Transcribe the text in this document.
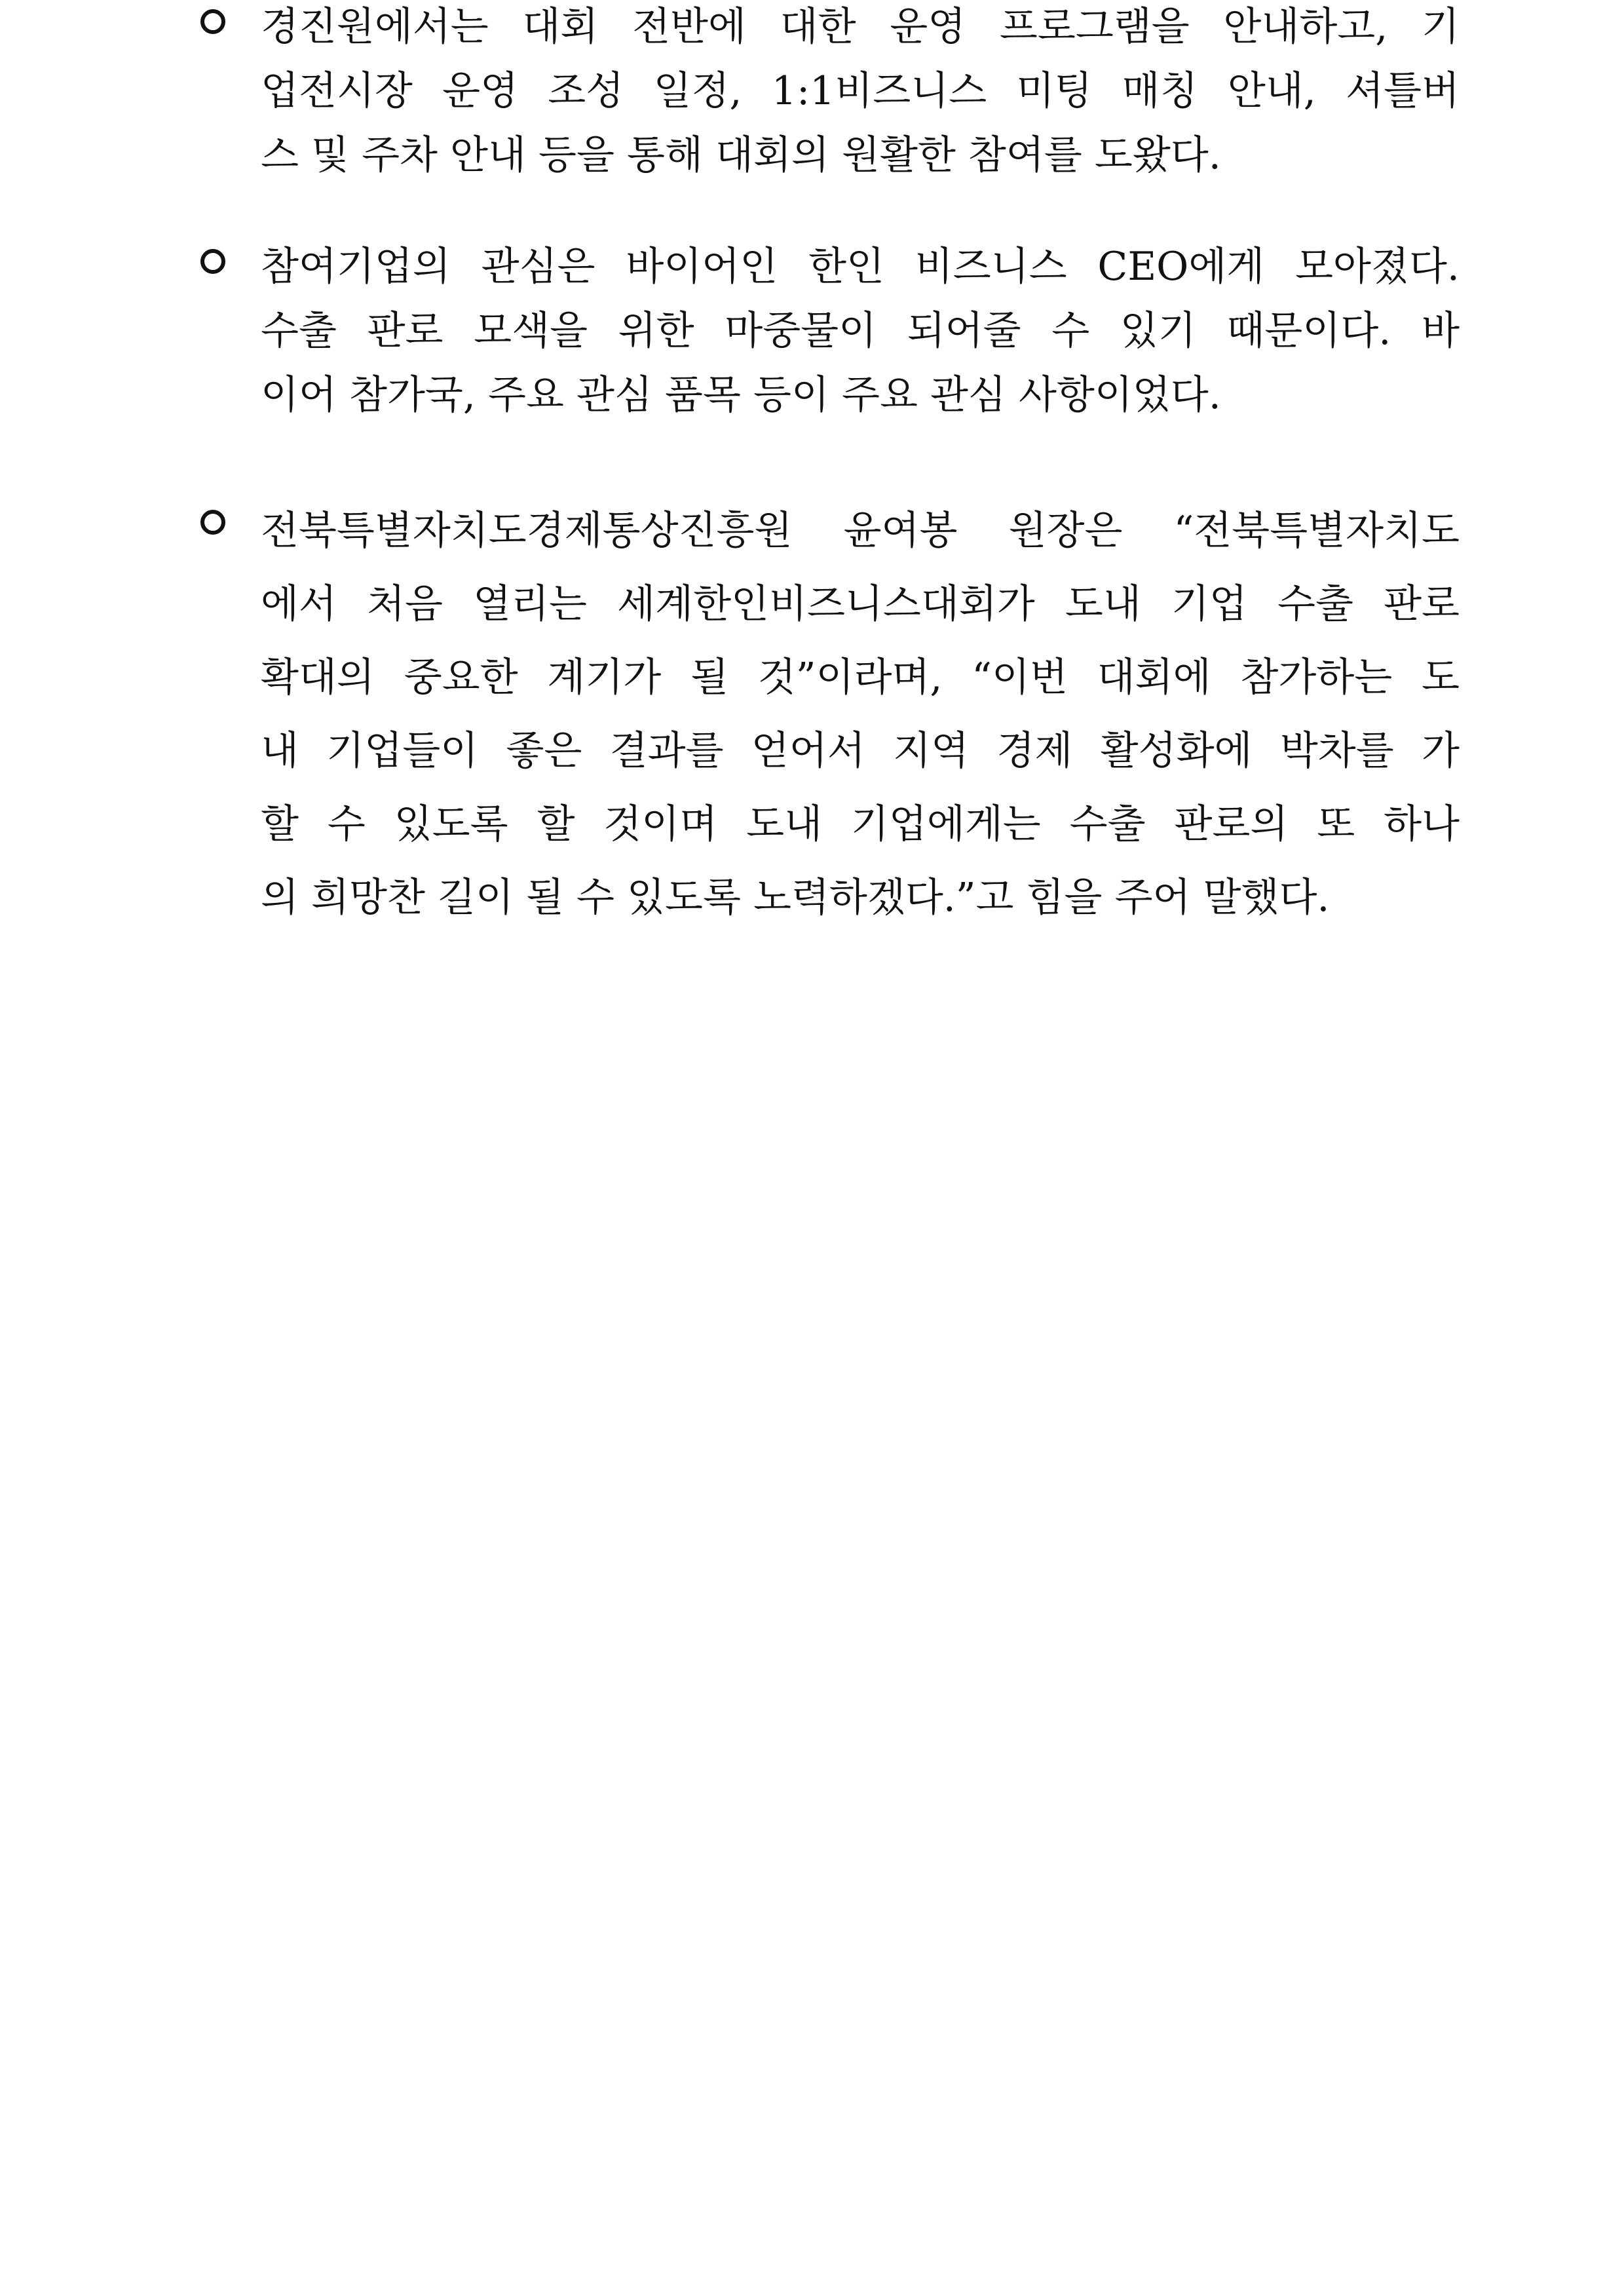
경진원에서는 대회 전반에 대한 운영 프로그램을 안내하고, 기
업전시장 운영 조성 일정, 1:1비즈니스 미팅 매칭 안내, 셔틀버
스 및 주차 안내 등을 통해 대회의 원활한 참여를 도왔다.
참여기업의 관심은 바이어인 한인 비즈니스 CEO에게 모아졌다.
수출 판로 모색을 위한 마중물이 되어줄 수 있기 때문이다. 바
이어 참가국, 주요 관심 품목 등이 주요 관심 사항이었다.
전북특별자치도경제통상진흥원 윤여봉 원장은 “전북특별자치도
에서 처음 열리는 세계한인비즈니스대회가 도내 기업 수출 판로
확대의 중요한 계기가 될 것”이라며, “이번 대회에 참가하는 도
내 기업들이 좋은 결과를 얻어서 지역 경제 활성화에 박차를 가
할 수 있도록 할 것이며 도내 기업에게는 수출 판로의 또 하나
의 희망찬 길이 될 수 있도록 노력하겠다.”고 힘을 주어 말했다.
